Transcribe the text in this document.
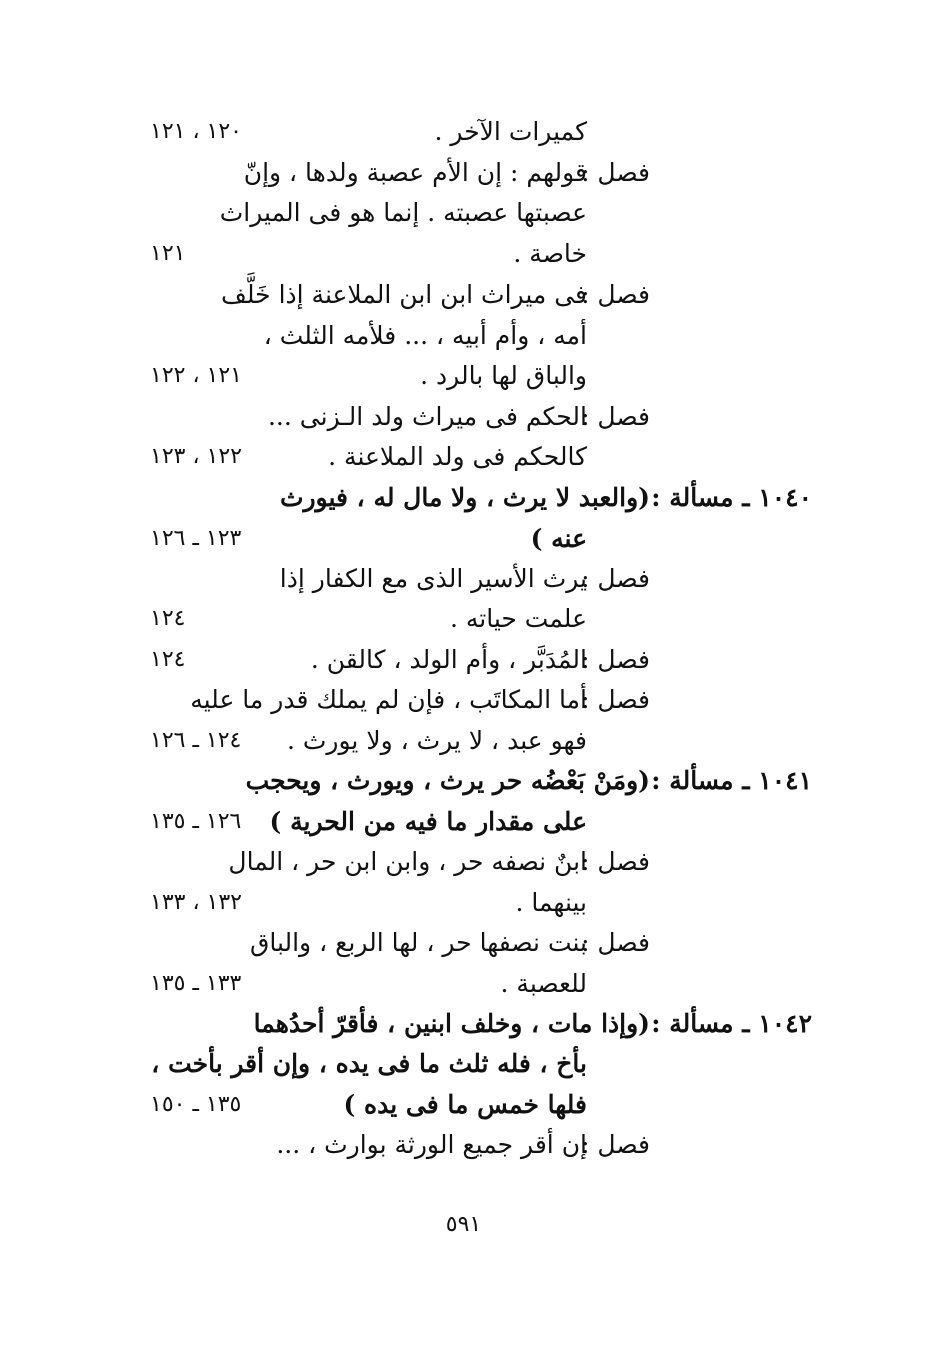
كميرات الآخر .
١٢٠ ، ١٢١
فصل :
قولهم : إن الأم عصبة ولدها ، وإنّ
عصبتها عصبته . إنما هو فى الميراث
خاصة .
١٢١
فصل :
فى ميراث ابن ابن الملاعنة إذا خَلَّف
أمه ، وأم أبيه ، ... فلأمه الثلث ،
والباق لها بالرد .
١٢١ ، ١٢٢
فصل :
الحكم فى ميراث ولد الـزنى ...
كالحكم فى ولد الملاعنة .
١٢٢ ، ١٢٣
١٠٤٠ ـ مسألة :
(والعبد لا يرث ، ولا مال له ، فيورث
عنه )
١٢٣ ـ ١٢٦
فصل :
يرث الأسير الذى مع الكفار إذا
علمت حياته .
١٢٤
فصل :
المُدَبَّر ، وأم الولد ، كالقن .
١٢٤
فصل :
أما المكاتَب ، فإن لم يملك قدر ما عليه
فهو عبد ، لا يرث ، ولا يورث .
١٢٤ ـ ١٢٦
١٠٤١ ـ مسألة :
(ومَنْ بَعْضُه حر يرث ، ويورث ، ويحجب
على مقدار ما فيه من الحرية )
١٢٦ ـ ١٣٥
فصل :
ابنٌ نصفه حر ، وابن ابن حر ، المال
بينهما .
١٣٢ ، ١٣٣
فصل :
بنت نصفها حر ، لها الربع ، والباق
للعصبة .
١٣٣ ـ ١٣٥
١٠٤٢ ـ مسألة :
(وإذا مات ، وخلف ابنين ، فأقرّ أحدُهما
بأخ ، فله ثلث ما فى يده ، وإن أقر بأخت ،
فلها خمس ما فى يده )
١٣٥ ـ ١٥٠
فصل :
إن أقر جميع الورثة بوارث ، ...
٥٩١
